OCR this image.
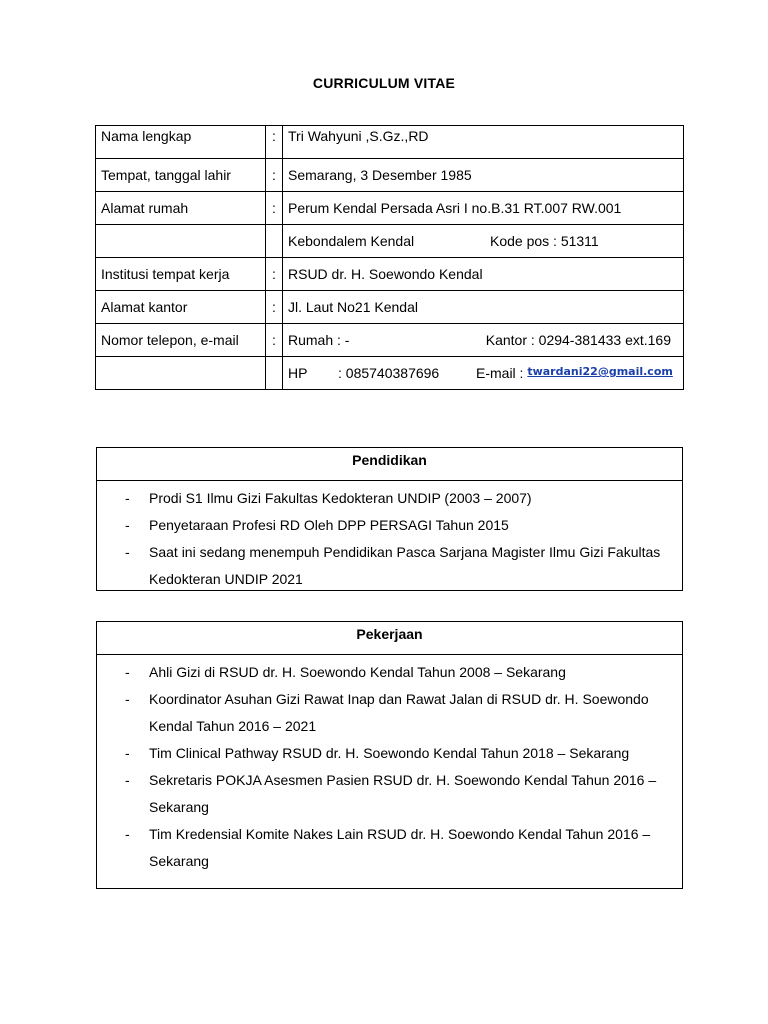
CURRICULUM VITAE
Nama lengkap	:	Tri Wahyuni ,S.Gz.,RD
Tempat, tanggal lahir	:	Semarang, 3 Desember 1985
Alamat rumah	:	Perum Kendal Persada Asri I no.B.31 RT.007 RW.001

		Kebondalem Kendal Kode pos : 51311

Institusi tempat kerja	:	RSUD dr. H. Soewondo Kendal
Alamat kantor	:	Jl. Laut No21 Kendal
Nomor telepon, e-mail	:	Rumah : - Kantor : 0294-381433 ext.169

		HP : 085740387696 E-mail :
twardani22@gmail.com
Pendidikan
- Prodi S1 Ilmu Gizi Fakultas Kedokteran UNDIP (2003 – 2007)
- Penyetaraan Profesi RD Oleh DPP PERSAGI Tahun 2015
- Saat ini sedang menempuh Pendidikan Pasca Sarjana Magister Ilmu Gizi Fakultas Kedokteran UNDIP 2021
Pekerjaan
- Ahli Gizi di RSUD dr. H. Soewondo Kendal Tahun 2008 – Sekarang
- Koordinator Asuhan Gizi Rawat Inap dan Rawat Jalan di RSUD dr. H. Soewondo Kendal Tahun 2016 – 2021
- Tim Clinical Pathway RSUD dr. H. Soewondo Kendal Tahun 2018 – Sekarang
- Sekretaris POKJA Asesmen Pasien RSUD dr. H. Soewondo Kendal Tahun 2016 – Sekarang
- Tim Kredensial Komite Nakes Lain RSUD dr. H. Soewondo Kendal Tahun 2016 – Sekarang
